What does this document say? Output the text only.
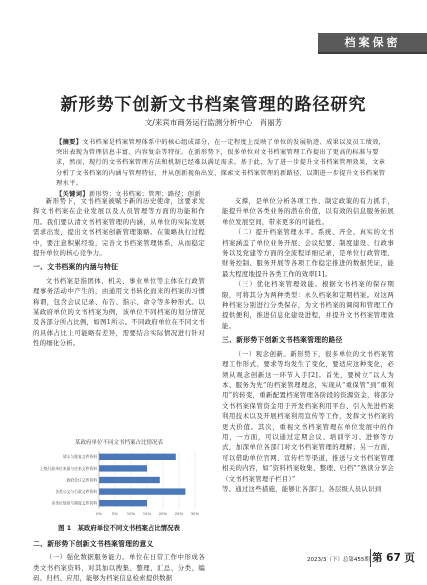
档案保密
新形势下创新文书档案管理的路径研究
文/来宾市商务运行监测分析中心　肖丽芳

【摘要】文书档案是档案管理体系中的核心组成部分，在一定程度上反映了单位的发展轨迹、成果以及员工绩效，突出表现为管理信息丰富、内容复杂等特征。在新形势下，很多单位对文书档案管理工作提出了更高的标准与要求，然而，现行的文书档案管理方法和机制已经难以满足需求。基于此，为了进一步提升文书档案管理效果，文章分析了文书档案的内涵与管理特征，并从创新视角出发，探索文书档案管理的新路径，以期进一步提升文书档案管理水平。

【关键词】新形势；文书档案；管理；路径；创新

新形势下，文书档案被赋予新的历史使命，这要求发挥文书档案在企业发展以及人员管理等方面的功能和作用。我们要认清文书档案管理的内涵，从单位的实际发展需求出发，提出文书档案创新管理策略。在策略执行过程中，要注意积累经验，完善文书档案管理体系，从而稳定提升单位的核心竞争力。

一、文书档案的内涵与特征

文书档案是指团体、机关、事业单位等主体在行政管理事务活动中产生的，由通用文书转化而来的档案的习惯称谓，包含会议记录、布告、指示、命令等多种形式。以某政府单位的文书档案为例，该单位不同档案的划分情况及各部分所占比例，如图1所示。不同政府单位在不同文书的具体占比上可能略有差异，需要结合实际情况进行针对性的细化分析。

某政府单位不同文书档案占比情况表
0%	5% 10% 15% 20% 25% 30%
请示与批复文件资料
上级行政单位来函与往来文件资料
政府会议文件资料
各类公文与行政文件资料
本单位规章与制度文件资料
图 1　某政府单位不同文书档案占比情况表
二、新形势下创新文书档案管理的意义

（一）强化数据服务能力。单位在日常工作中形成各类文书档案资料，对其加以搜集、整理、汇总、分类、编码、归档、应用，能够为档案信息检索提供数据

支撑，是单位分析各项工作、制定政策的有力抓手，能提升单位各类业务的潜在价值，以有效的信息服务拓展单位发展空间，带来更多的可能性。

（二）提升档案管理水平。系统、齐全、真实的文书档案涵盖了单位业务开展、会议纪要、制度建设、行政事务以及党建等方面的全流程详细记录，是单位行政管理、财务控制、服务开展等各项工作稳定推进的数据凭证，能最大程度地提升各类工作的效率[1]。

（三）优化档案管理效能。根据文书档案的保存期限，可将其分为两种类型：永久档案和定期档案。对这两种档案分别进行分类保存，为文书档案的调阅和管理工作提供便利，推进信息化建设进程，并提升文书档案管理效能。

三、新形势下创新文书档案管理的路径

（一）观念创新。新形势下，很多单位的文书档案管理工作形式、要求等均发生了变化，要适应这种变化，必须从观念创新这一环节入手[2]。首先，要树立“以人为本、服务为先”的档案管理理念，实现从“重保管”到“重利用”的转变，重新配置档案管理各阶段的资源资金，将部分文书档案保管资金用于开发档案利用平台、引入先进档案利用技术以及开展档案利用宣传等工作，发挥文书档案的更大价值。其次，重视文书档案管理在单位发展中的作用，一方面，可以通过定期会议、培训学习、进修等方式，加深单位各部门对文书档案管理的理解；另一方面，可以借助单位官网、宣传栏等渠道，推送与文书档案管理相关的内容，如“资料档案收集、整理、归档”“熟读分享会（文书档案管理子栏目）”

等。通过这些措施，能够让各部门、各层级人员认识到

2023/3（下）总第455期 第 67 页
